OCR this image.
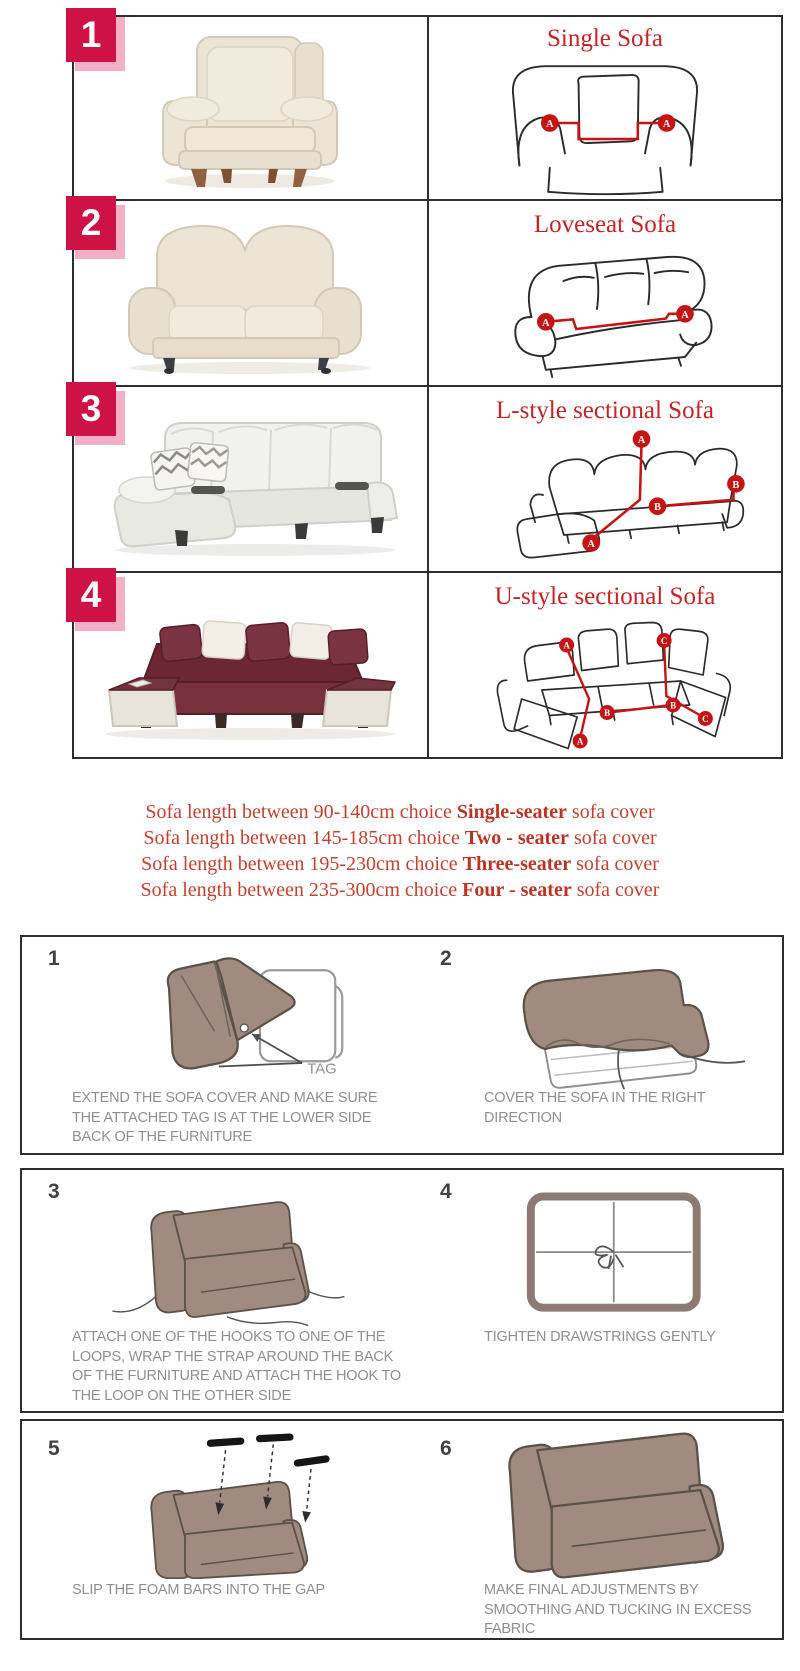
1
2
3
4
Single Sofa
A	A
Loveseat Sofa
A
A
L-style sectional Sofa
A
A
B
B
U-style sectional Sofa
A
A
B
B
C
C
Sofa length between 90-140cm choice Single-seater sofa cover
Sofa length between 145-185cm choice Two - seater sofa cover
Sofa length between 195-230cm choice Three-seater sofa cover
Sofa length between 235-300cm choice Four - seater sofa cover
1
TAG
EXTEND THE SOFA COVER AND MAKE SURE THE ATTACHED TAG IS AT THE LOWER SIDE BACK OF THE FURNITURE
2
COVER THE SOFA IN THE RIGHT DIRECTION
3
ATTACH ONE OF THE HOOKS TO ONE OF THE LOOPS, WRAP THE STRAP AROUND THE BACK OF THE FURNITURE AND ATTACH THE HOOK TO THE LOOP ON THE OTHER SIDE
4
TIGHTEN DRAWSTRINGS GENTLY
5
SLIP THE FOAM BARS INTO THE GAP
6
MAKE FINAL ADJUSTMENTS BY SMOOTHING AND TUCKING IN EXCESS FABRIC
